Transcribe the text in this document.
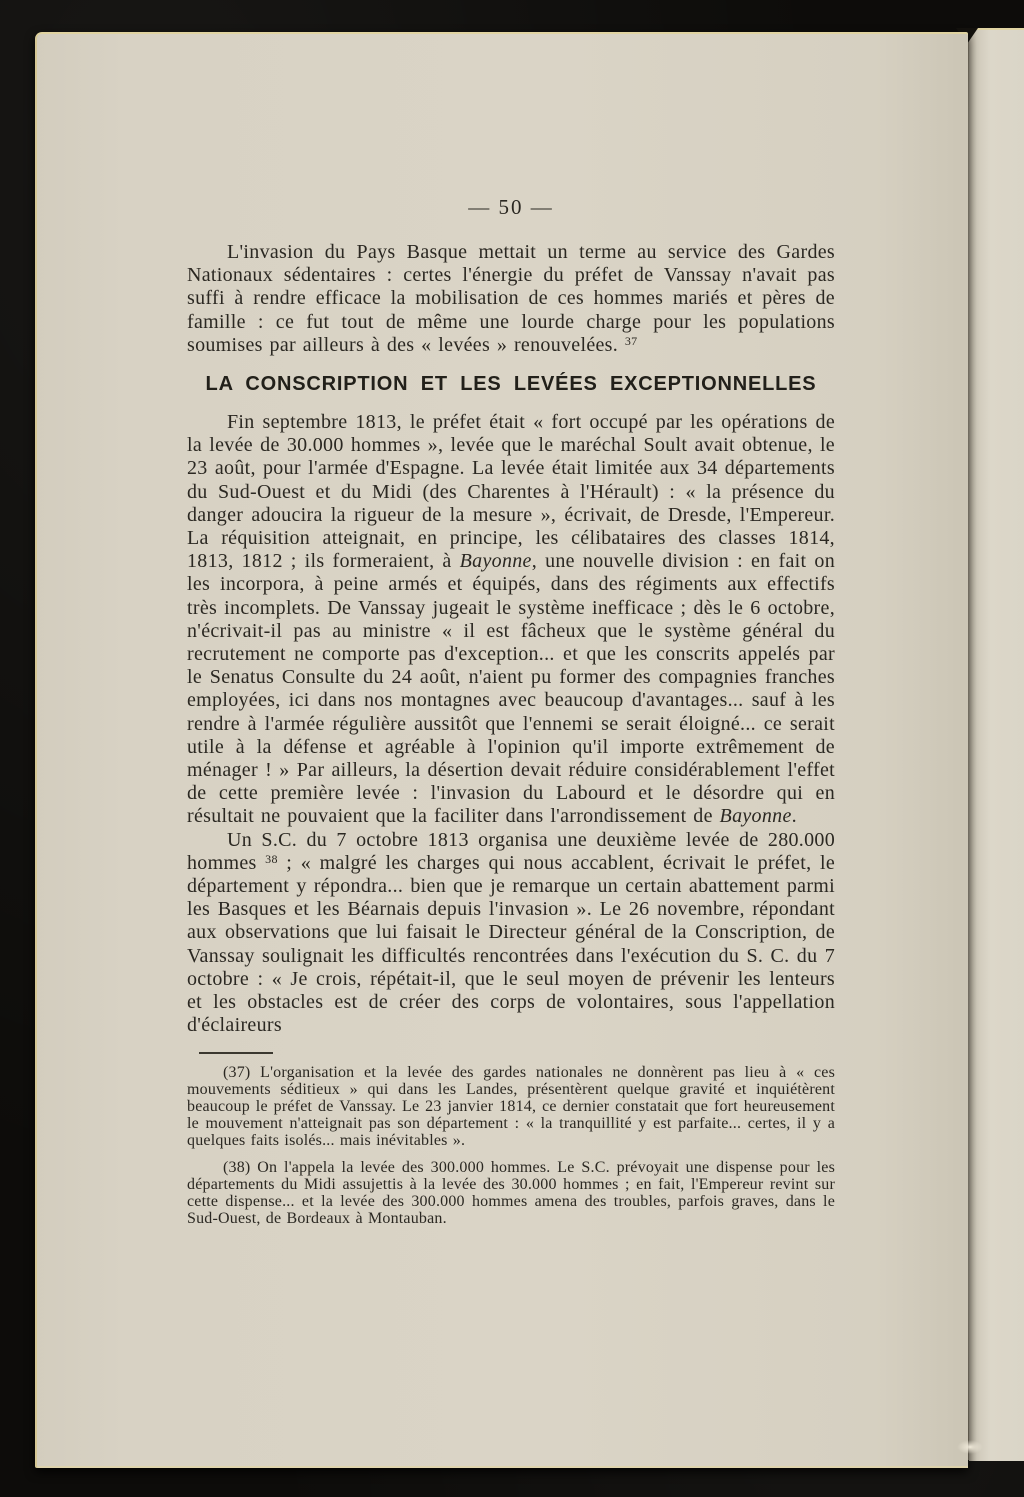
— 50 —

L'invasion du Pays Basque mettait un terme au service des Gardes Nationaux sédentaires : certes l'énergie du préfet de Vanssay n'avait pas suffi à rendre efficace la mobilisation de ces hommes mariés et pères de famille : ce fut tout de même une lourde charge pour les populations soumises par ailleurs à des « levées » renouvelées. $^{37}$

LA CONSCRIPTION ET LES LEVÉES EXCEPTIONNELLES

Fin septembre 1813, le préfet était « fort occupé par les opérations de la levée de 30.000 hommes », levée que le maréchal Soult avait obtenue, le 23 août, pour l'armée d'Espagne. La levée était limitée aux 34 départements du Sud-Ouest et du Midi (des Charentes à l'Hérault) : « la présence du danger adoucira la rigueur de la mesure », écrivait, de Dresde, l'Empereur. La réquisition atteignait, en principe, les célibataires des classes 1814, 1813, 1812 ; ils formeraient, à Bayonne, une nouvelle division : en fait on les incorpora, à peine armés et équipés, dans des régiments aux effectifs très incomplets. De Vanssay jugeait le système inefficace ; dès le 6 octobre, n'écrivait-il pas au ministre « il est fâcheux que le système général du recrutement ne comporte pas d'exception... et que les conscrits appelés par le Senatus Consulte du 24 août, n'aient pu former des compagnies franches employées, ici dans nos montagnes avec beaucoup d'avantages... sauf à les rendre à l'armée régulière aussitôt que l'ennemi se serait éloigné... ce serait utile à la défense et agréable à l'opinion qu'il importe extrêmement de ménager ! » Par ailleurs, la désertion devait réduire considérablement l'effet de cette première levée : l'invasion du Labourd et le désordre qui en résultait ne pouvaient que la faciliter dans l'arrondissement de Bayonne.

Un S.C. du 7 octobre 1813 organisa une deuxième levée de 280.000 hommes $^{38}$ ; « malgré les charges qui nous accablent, écrivait le préfet, le département y répondra... bien que je remarque un certain abattement parmi les Basques et les Béarnais depuis l'invasion ». Le 26 novembre, répondant aux observations que lui faisait le Directeur général de la Conscription, de Vanssay soulignait les difficultés rencontrées dans l'exécution du S. C. du 7 octobre : « Je crois, répétait-il, que le seul moyen de prévenir les lenteurs et les obstacles est de créer des corps de volontaires, sous l'appellation d'éclaireurs

(37) L'organisation et la levée des gardes nationales ne donnèrent pas lieu à « ces mouvements séditieux » qui dans les Landes, présentèrent quelque gravité et inquiétèrent beaucoup le préfet de Vanssay. Le 23 janvier 1814, ce dernier constatait que fort heureusement le mouvement n'atteignait pas son département : « la tranquillité y est parfaite... certes, il y a quelques faits isolés... mais inévitables ».

(38) On l'appela la levée des 300.000 hommes. Le S.C. prévoyait une dispense pour les départements du Midi assujettis à la levée des 30.000 hommes ; en fait, l'Empereur revint sur cette dispense... et la levée des 300.000 hommes amena des troubles, parfois graves, dans le Sud-Ouest, de Bordeaux à Montauban.
